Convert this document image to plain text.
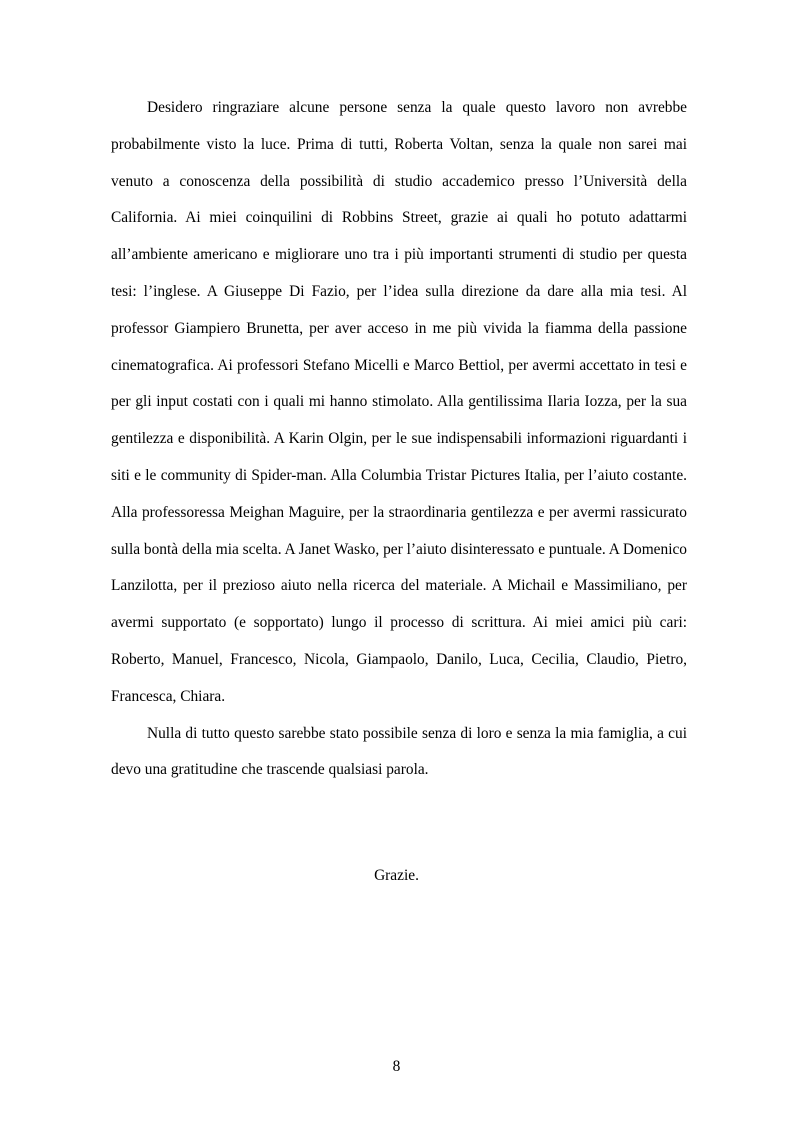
Desidero ringraziare alcune persone senza la quale questo lavoro non avrebbe probabilmente visto la luce. Prima di tutti, Roberta Voltan, senza la quale non sarei mai venuto a conoscenza della possibilità di studio accademico presso l’Università della California. Ai miei coinquilini di Robbins Street, grazie ai quali ho potuto adattarmi all’ambiente americano e migliorare uno tra i più importanti strumenti di studio per questa tesi: l’inglese. A Giuseppe Di Fazio, per l’idea sulla direzione da dare alla mia tesi. Al professor Giampiero Brunetta, per aver acceso in me più vivida la fiamma della passione cinematografica. Ai professori Stefano Micelli e Marco Bettiol, per avermi accettato in tesi e per gli input costati con i quali mi hanno stimolato. Alla gentilissima Ilaria Iozza, per la sua gentilezza e disponibilità. A Karin Olgin, per le sue indispensabili informazioni riguardanti i siti e le community di Spider-man. Alla Columbia Tristar Pictures Italia, per l’aiuto costante. Alla professoressa Meighan Maguire, per la straordinaria gentilezza e per avermi rassicurato sulla bontà della mia scelta. A Janet Wasko, per l’aiuto disinteressato e puntuale. A Domenico Lanzilotta, per il prezioso aiuto nella ricerca del materiale. A Michail e Massimiliano, per avermi supportato (e sopportato) lungo il processo di scrittura. Ai miei amici più cari: Roberto, Manuel, Francesco, Nicola, Giampaolo, Danilo, Luca, Cecilia, Claudio, Pietro, Francesca, Chiara.

Nulla di tutto questo sarebbe stato possibile senza di loro e senza la mia famiglia, a cui devo una gratitudine che trascende qualsiasi parola.

Grazie.
8
